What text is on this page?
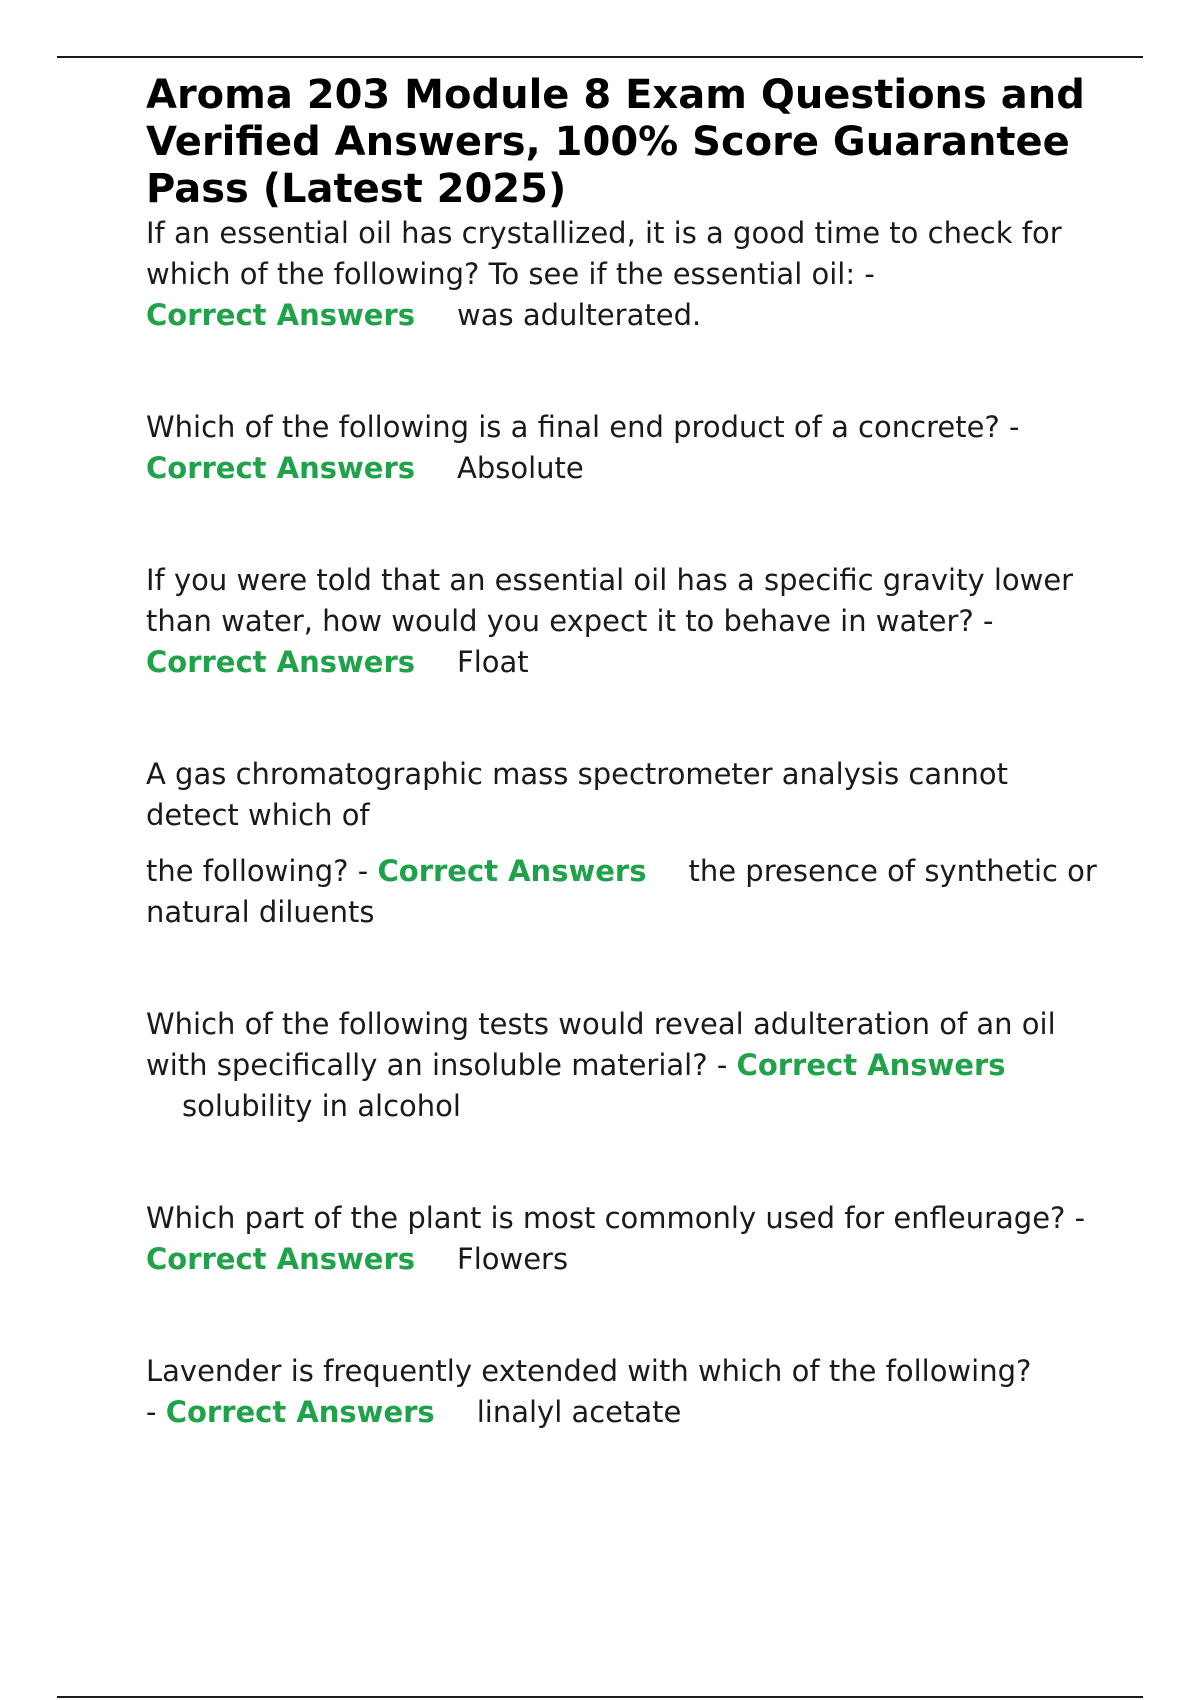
Aroma 203 Module 8 Exam Questions and Verified Answers, 100% Score Guarantee Pass (Latest 2025)

If an essential oil has crystallized, it is a good time to check for which of the following? To see if the essential oil: -
Correct Answers was adulterated.

Which of the following is a final end product of a concrete? -
Correct Answers Absolute

If you were told that an essential oil has a specific gravity lower than water, how would you expect it to behave in water? - Correct Answers Float

A gas chromatographic mass spectrometer analysis cannot detect which of

the following? - Correct Answers the presence of synthetic or natural diluents

Which of the following tests would reveal adulteration of an oil with specifically an insoluble material? - Correct Answers
solubility in alcohol

Which part of the plant is most commonly used for enfleurage? - Correct Answers Flowers

Lavender is frequently extended with which of the following?
- Correct Answers linalyl acetate
